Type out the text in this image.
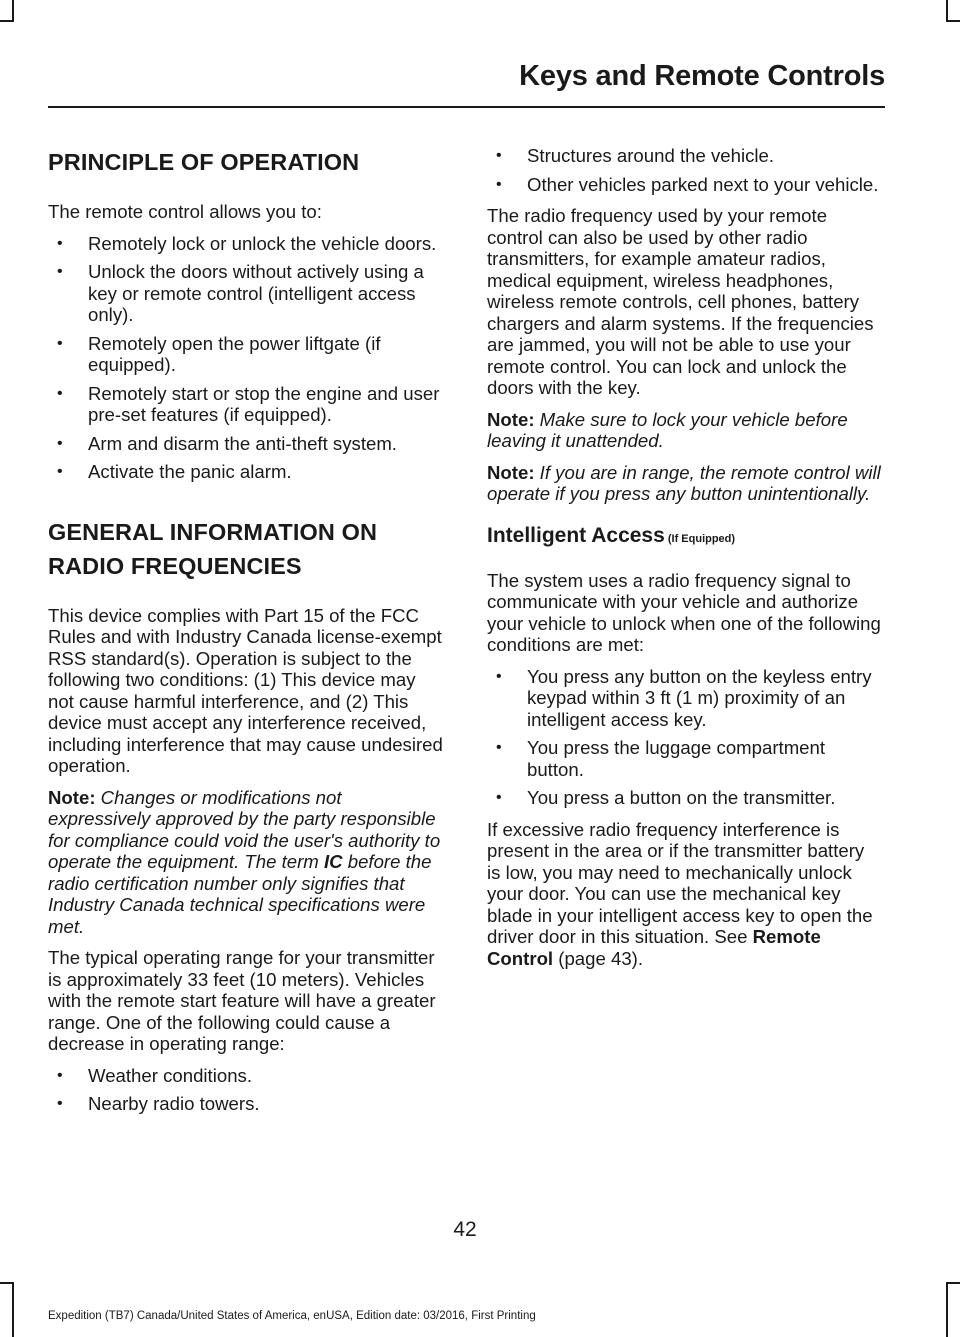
Keys and Remote Controls
PRINCIPLE OF OPERATION

The remote control allows you to:

• Remotely lock or unlock the vehicle doors.
• Unlock the doors without actively using a key or remote control (intelligent access only).
• Remotely open the power liftgate (if equipped).
• Remotely start or stop the engine and user pre-set features (if equipped).
• Arm and disarm the anti-theft system.
• Activate the panic alarm.
GENERAL INFORMATION ON
RADIO FREQUENCIES

This device complies with Part 15 of the FCC Rules and with Industry Canada license-exempt RSS standard(s). Operation is subject to the following two conditions: (1) This device may not cause harmful interference, and (2) This device must accept any interference received, including interference that may cause undesired operation.

Note: Changes or modifications not expressively approved by the party responsible for compliance could void the user's authority to operate the equipment. The term IC before the radio certification number only signifies that Industry Canada technical specifications were met.

The typical operating range for your transmitter is approximately 33 feet (10 meters). Vehicles with the remote start feature will have a greater range. One of the following could cause a decrease in operating range:

• Weather conditions.
• Nearby radio towers.
• Structures around the vehicle.
• Other vehicles parked next to your vehicle.

The radio frequency used by your remote control can also be used by other radio transmitters, for example amateur radios, medical equipment, wireless headphones, wireless remote controls, cell phones, battery chargers and alarm systems. If the frequencies are jammed, you will not be able to use your remote control. You can lock and unlock the doors with the key.

Note: Make sure to lock your vehicle before leaving it unattended.

Note: If you are in range, the remote control will operate if you press any button unintentionally.

Intelligent Access (If Equipped)

The system uses a radio frequency signal to communicate with your vehicle and authorize your vehicle to unlock when one of the following conditions are met:

• You press any button on the keyless entry keypad within 3 ft (1 m) proximity of an intelligent access key.
• You press the luggage compartment button.
• You press a button on the transmitter.

If excessive radio frequency interference is present in the area or if the transmitter battery is low, you may need to mechanically unlock your door. You can use the mechanical key blade in your intelligent access key to open the driver door in this situation. See Remote Control (page 43).

42
Expedition (TB7) Canada/United States of America, enUSA, Edition date: 03/2016, First Printing
